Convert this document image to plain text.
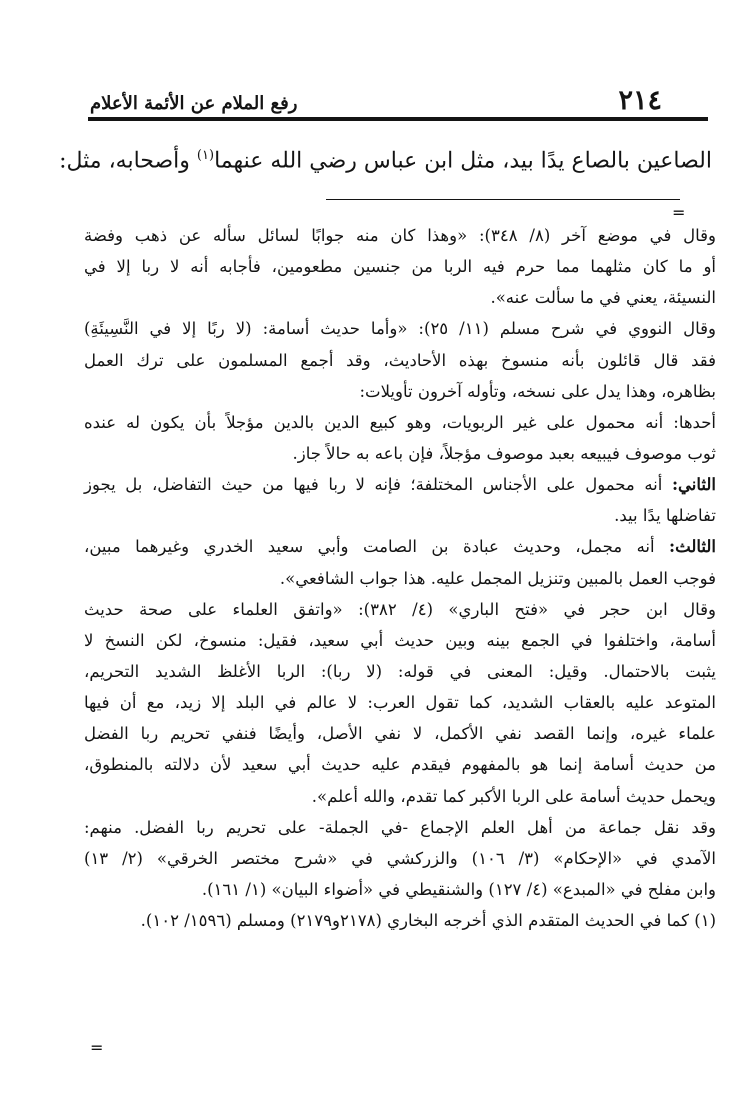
٢١٤
رفع الملام عن الأئمة الأعلام

الصاعين بالصاع يدًا بيد، مثل ابن عباس رضي الله عنهما$^{(١)}$ وأصحابه، مثل:

=
وقال في موضع آخر (٨/ ٣٤٨): «وهذا كان منه جوابًا لسائل سأله عن ذهب وفضة
أو ما كان مثلهما مما حرم فيه الربا من جنسين مطعومين، فأجابه أنه لا ربا إلا في
النسيئة، يعني في ما سألت عنه».
وقال النووي في شرح مسلم (١١/ ٢٥): «وأما حديث أسامة: (لا ربًا إلا في النَّسِيئَةِ)
فقد قال قائلون بأنه منسوخ بهذه الأحاديث، وقد أجمع المسلمون على ترك العمل
بظاهره، وهذا يدل على نسخه، وتأوله آخرون تأويلات:
أحدها: أنه محمول على غير الربويات، وهو كبيع الدين بالدين مؤجلاً بأن يكون له عنده
ثوب موصوف فيبيعه بعبد موصوف مؤجلاً، فإن باعه به حالاً جاز.
الثاني: أنه محمول على الأجناس المختلفة؛ فإنه لا ربا فيها من حيث التفاضل، بل يجوز
تفاضلها يدًا بيد.
الثالث: أنه مجمل، وحديث عبادة بن الصامت وأبي سعيد الخدري وغيرهما مبين،
فوجب العمل بالمبين وتنزيل المجمل عليه. هذا جواب الشافعي».
وقال ابن حجر في «فتح الباري» (٤/ ٣٨٢): «واتفق العلماء على صحة حديث
أسامة، واختلفوا في الجمع بينه وبين حديث أبي سعيد، فقيل: منسوخ، لكن النسخ لا
يثبت بالاحتمال. وقيل: المعنى في قوله: (لا ربا): الربا الأغلظ الشديد التحريم،
المتوعد عليه بالعقاب الشديد، كما تقول العرب: لا عالم في البلد إلا زيد، مع أن فيها
علماء غيره، وإنما القصد نفي الأكمل، لا نفي الأصل، وأيضًا فنفي تحريم ربا الفضل
من حديث أسامة إنما هو بالمفهوم فيقدم عليه حديث أبي سعيد لأن دلالته بالمنطوق،
ويحمل حديث أسامة على الربا الأكبر كما تقدم، والله أعلم».
وقد نقل جماعة من أهل العلم الإجماع -في الجملة- على تحريم ربا الفضل. منهم:
الآمدي في «الإحكام» (٣/ ١٠٦) والزركشي في «شرح مختصر الخرقي» (٢/ ١٣)
وابن مفلح في «المبدع» (٤/ ١٢٧) والشنقيطي في «أضواء البيان» (١/ ١٦١).
(١) كما في الحديث المتقدم الذي أخرجه البخاري (٢١٧٨و٢١٧٩) ومسلم (١٥٩٦/ ١٠٢).
=
